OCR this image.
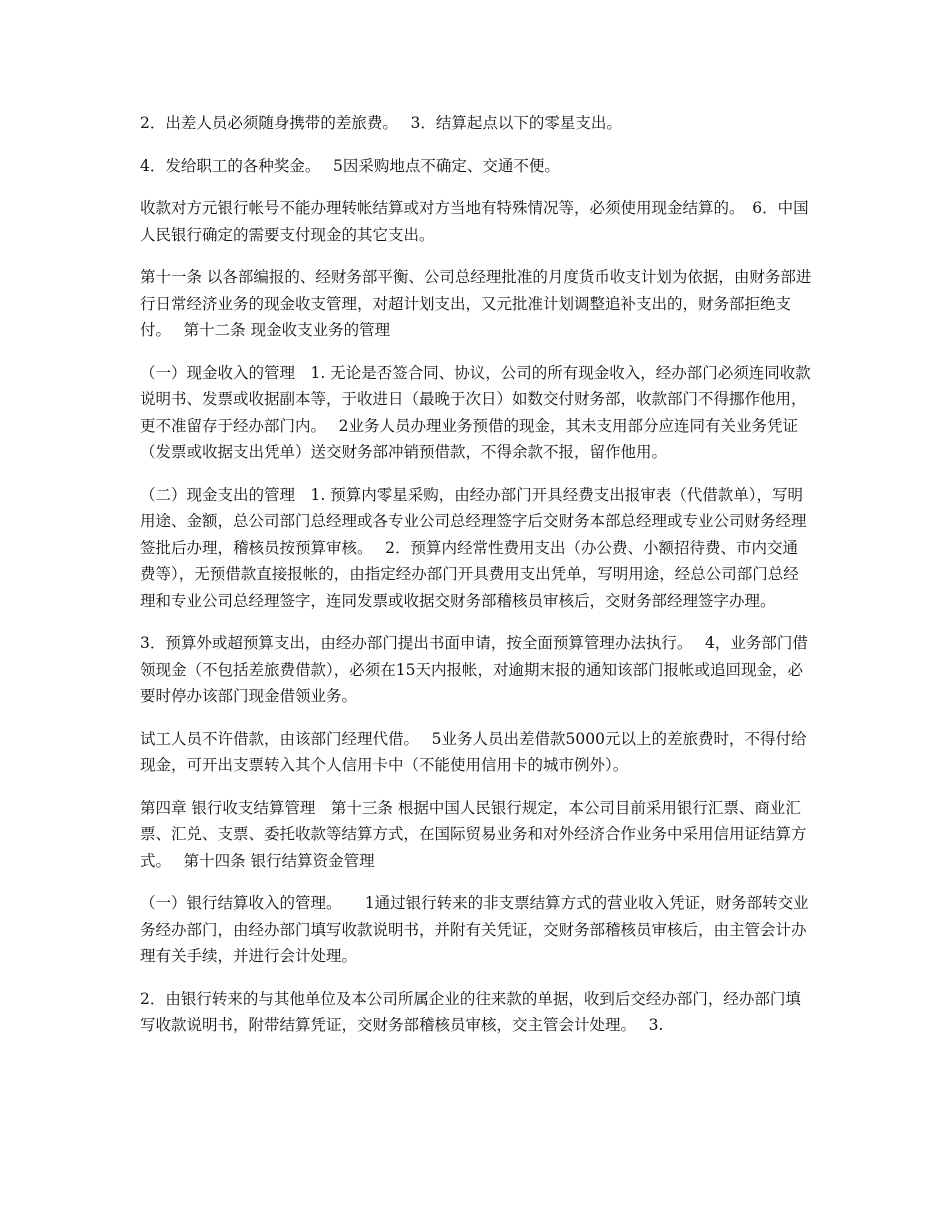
2．出差人员必须随身携带的差旅费。　 3．结算起点以下的零星支出。

4．发给职工的各种奖金。　 5因采购地点不确定、交通不便。

收款对方元银行帐号不能办理转帐结算或对方当地有特殊情况等，必须使用现金结算的。　6．中国人民银行确定的需要支付现金的其它支出。

第十一条 以各部编报的、经财务部平衡、公司总经理批准的月度货币收支计划为依据，由财务部进行日常经济业务的现金收支管理，对超计划支出，又元批准计划调整追补支出的，财务部拒绝支付。　 第十二条 现金收支业务的管理

（一）现金收入的管理　1. 无论是否签合同、协议，公司的所有现金收入，经办部门必须连同收款说明书、发票或收据副本等，于收进日（最晚于次日）如数交付财务部，收款部门不得挪作他用，更不准留存于经办部门内。　 2业务人员办理业务预借的现金，其未支用部分应连同有关业务凭证（发票或收据支出凭单）送交财务部冲销预借款，不得余款不报，留作他用。

（二）现金支出的管理　1. 预算内零星采购，由经办部门开具经费支出报审表（代借款单），写明用途、金额，总公司部门总经理或各专业公司总经理签字后交财务本部总经理或专业公司财务经理签批后办理，稽核员按预算审核。　 2．预算内经常性费用支出（办公费、小额招待费、市内交通费等），无预借款直接报帐的，由指定经办部门开具费用支出凭单，写明用途，经总公司部门总经理和专业公司总经理签字，连同发票或收据交财务部稽核员审核后，交财务部经理签字办理。

3．预算外或超预算支出，由经办部门提出书面申请，按全面预算管理办法执行。　 4，业务部门借领现金（不包括差旅费借款），必须在15天内报帐，对逾期末报的通知该部门报帐或追回现金，必要时停办该部门现金借领业务。

试工人员不许借款，由该部门经理代借。　 5业务人员出差借款5000元以上的差旅费时，不得付给现金，可开出支票转入其个人信用卡中（不能使用信用卡的城市例外）。

第四章 银行收支结算管理　第十三条 根据中国人民银行规定，本公司目前采用银行汇票、商业汇票、汇兑、支票、委托收款等结算方式，在国际贸易业务和对外经济合作业务中采用信用证结算方式。　 第十四条 银行结算资金管理

（一）银行结算收入的管理。　　1通过银行转来的非支票结算方式的营业收入凭证，财务部转交业务经办部门，由经办部门填写收款说明书，并附有关凭证，交财务部稽核员审核后，由主管会计办理有关手续，并进行会计处理。

2．由银行转来的与其他单位及本公司所属企业的往来款的单据，收到后交经办部门，经办部门填写收款说明书，附带结算凭证，交财务部稽核员审核，交主管会计处理。　 3.
